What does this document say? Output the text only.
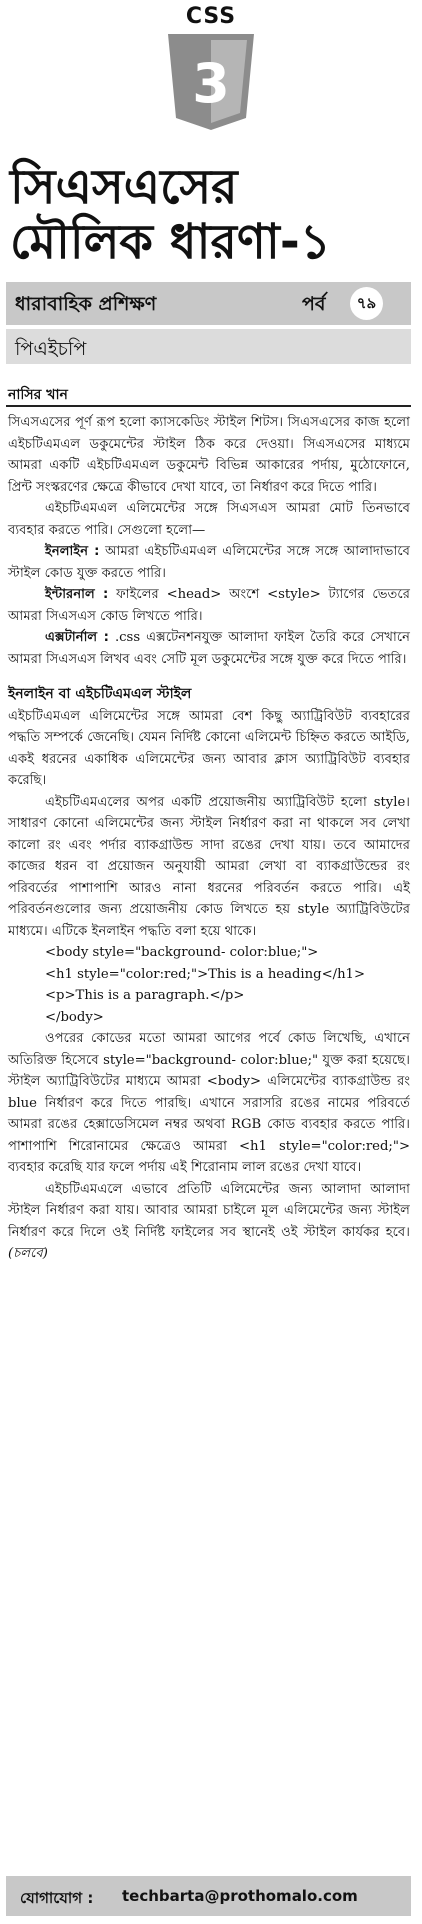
CSS
3
সিএসএসের
মৌলিক ধারণা-১
ধারাবাহিক প্রশিক্ষণ	পর্ব	৭৯
পিএইচপি
নাসির খান

সিএসএসের পূর্ণ রূপ হলো ক্যাসকেডিং স্টাইল শিটস। সিএসএসের কাজ হলো এইচটিএমএল ডকুমেন্টের স্টাইল ঠিক করে দেওয়া। সিএসএসের মাধ্যমে আমরা একটি এইচটিএমএল ডকুমেন্ট বিভিন্ন আকারের পর্দায়, মুঠোফোনে, প্রিন্ট সংস্করণের ক্ষেত্রে কীভাবে দেখা যাবে, তা নির্ধারণ করে দিতে পারি।

এইচটিএমএল এলিমেন্টের সঙ্গে সিএসএস আমরা মোট তিনভাবে ব্যবহার করতে পারি। সেগুলো হলো—

ইনলাইন : আমরা এইচটিএমএল এলিমেন্টের সঙ্গে সঙ্গে আলাদাভাবে স্টাইল কোড যুক্ত করতে পারি।

ইন্টারনাল : ফাইলের <head> অংশে <style> ট্যাগের ভেতরে আমরা সিএসএস কোড লিখতে পারি।

এক্সটার্নাল : .css এক্সটেনশনযুক্ত আলাদা ফাইল তৈরি করে সেখানে আমরা সিএসএস লিখব এবং সেটি মূল ডকুমেন্টের সঙ্গে যুক্ত করে দিতে পারি।

ইনলাইন বা এইচটিএমএল স্টাইল

এইচটিএমএল এলিমেন্টের সঙ্গে আমরা বেশ কিছু অ্যাট্রিবিউট ব্যবহারের পদ্ধতি সম্পর্কে জেনেছি। যেমন নির্দিষ্ট কোনো এলিমেন্ট চিহ্নিত করতে আইডি, একই ধরনের একাধিক এলিমেন্টের জন্য আবার ক্লাস অ্যাট্রিবিউট ব্যবহার করেছি।

এইচটিএমএলের অপর একটি প্রয়োজনীয় অ্যাট্রিবিউট হলো style। সাধারণ কোনো এলিমেন্টের জন্য স্টাইল নির্ধারণ করা না থাকলে সব লেখা কালো রং এবং পর্দার ব্যাকগ্রাউন্ড সাদা রঙের দেখা যায়। তবে আমাদের কাজের ধরন বা প্রয়োজন অনুযায়ী আমরা লেখা বা ব্যাকগ্রাউন্ডের রং পরিবর্তের পাশাপাশি আরও নানা ধরনের পরিবর্তন করতে পারি। এই পরিবর্তনগুলোর জন্য প্রয়োজনীয় কোড লিখতে হয় style অ্যাট্রিবিউটের মাধ্যমে। এটিকে ইনলাইন পদ্ধতি বলা হয়ে থাকে।

<body style="background- color:blue;">

<h1 style="color:red;">This is a heading</h1>

<p>This is a paragraph.</p>

</body>

ওপরের কোডের মতো আমরা আগের পর্বে কোড লিখেছি, এখানে অতিরিক্ত হিসেবে style="background- color:blue;" যুক্ত করা হয়েছে। স্টাইল অ্যাট্রিবিউটের মাধ্যমে আমরা <body> এলিমেন্টের ব্যাকগ্রাউন্ড রং blue নির্ধারণ করে দিতে পারছি। এখানে সরাসরি রঙের নামের পরিবর্তে আমরা রঙের হেক্সাডেসিমেল নম্বর অথবা RGB কোড ব্যবহার করতে পারি। পাশাপাশি শিরোনামের ক্ষেত্রেও আমরা <h1 style="color:red;"> ব্যবহার করেছি যার ফলে পর্দায় এই শিরোনাম লাল রঙের দেখা যাবে।

এইচটিএমএলে এভাবে প্রতিটি এলিমেন্টের জন্য আলাদা আলাদা স্টাইল নির্ধারণ করা যায়। আবার আমরা চাইলে মূল এলিমেন্টের জন্য স্টাইল নির্ধারণ করে দিলে ওই নির্দিষ্ট ফাইলের সব স্থানেই ওই স্টাইল কার্যকর হবে। (চলবে)

যোগাযোগ : techbarta@prothomalo.com
